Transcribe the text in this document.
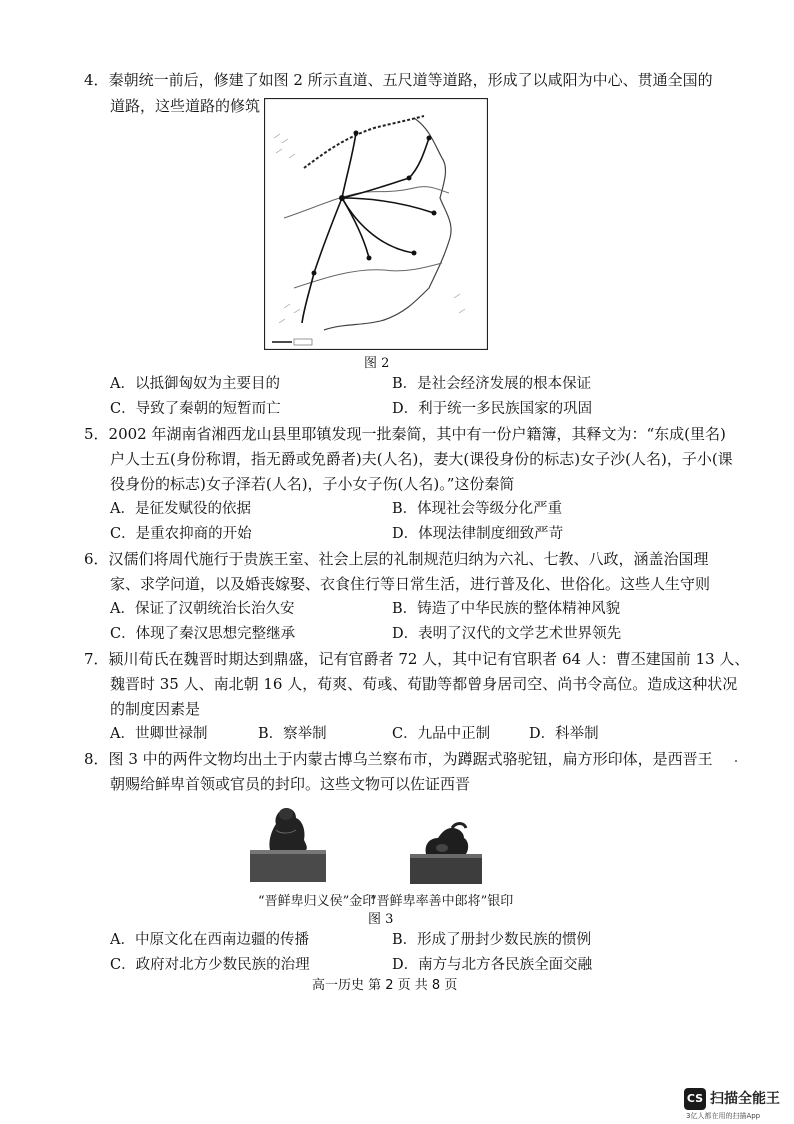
4．秦朝统一前后，修建了如图 2 所示直道、五尺道等道路，形成了以咸阳为中心、贯通全国的
道路，这些道路的修筑
图 2
A．以抵御匈奴为主要目的	B．是社会经济发展的根本保证
C．导致了秦朝的短暂而亡	D．利于统一多民族国家的巩固
5．2002 年湖南省湘西龙山县里耶镇发现一批秦简，其中有一份户籍簿，其释文为：“东成(里名)
户人士五(身份称谓，指无爵或免爵者)夫(人名)，妻大(课役身份的标志)女子沙(人名)，子小(课
役身份的标志)女子泽若(人名)，子小女子伤(人名)。”这份秦简
A．是征发赋役的依据	B．体现社会等级分化严重
C．是重农抑商的开始	D．体现法律制度细致严苛
6．汉儒们将周代施行于贵族王室、社会上层的礼制规范归纳为六礼、七教、八政，涵盖治国理
家、求学问道，以及婚丧嫁娶、衣食住行等日常生活，进行普及化、世俗化。这些人生守则
A．保证了汉朝统治长治久安	B．铸造了中华民族的整体精神风貌
C．体现了秦汉思想完整继承	D．表明了汉代的文学艺术世界领先
7．颍川荀氏在魏晋时期达到鼎盛，记有官爵者 72 人，其中记有官职者 64 人：曹丕建国前 13 人、
魏晋时 35 人、南北朝 16 人，荀爽、荀彧、荀勖等都曾身居司空、尚书令高位。造成这种状况
的制度因素是
A．世卿世禄制	B．察举制	C．九品中正制	D．科举制
8．图 3 中的两件文物均出土于内蒙古博乌兰察布市，为蹲踞式骆驼钮，扁方形印体，是西晋王
朝赐给鲜卑首领或官员的封印。这些文物可以佐证西晋
“晋鲜卑归义侯”金印
“晋鲜卑率善中郎将”银印
图 3
A．中原文化在西南边疆的传播	B．形成了册封少数民族的惯例
C．政府对北方少数民族的治理	D．南方与北方各民族全面交融
高一历史 第 2 页 共 8 页
CS 扫描全能王
3亿人都在用的扫描App
